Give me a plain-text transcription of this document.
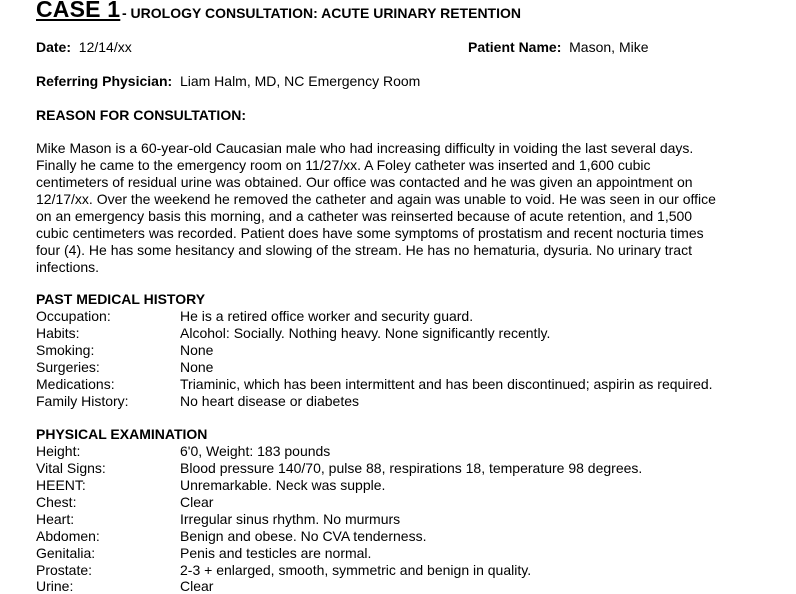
CASE 1 - UROLOGY CONSULTATION: ACUTE URINARY RETENTION
Date: 12/14/xx	Patient Name: Mason, Mike
Referring Physician: Liam Halm, MD, NC Emergency Room
REASON FOR CONSULTATION:
Mike Mason is a 60-year-old Caucasian male who had increasing difficulty in voiding the last several days.
Finally he came to the emergency room on 11/27/xx. A Foley catheter was inserted and 1,600 cubic
centimeters of residual urine was obtained. Our office was contacted and he was given an appointment on
12/17/xx. Over the weekend he removed the catheter and again was unable to void. He was seen in our office
on an emergency basis this morning, and a catheter was reinserted because of acute retention, and 1,500
cubic centimeters was recorded. Patient does have some symptoms of prostatism and recent nocturia times
four (4). He has some hesitancy and slowing of the stream. He has no hematuria, dysuria. No urinary tract
infections.
PAST MEDICAL HISTORY
Occupation:	He is a retired office worker and security guard.
Habits:	Alcohol: Socially. Nothing heavy. None significantly recently.
Smoking:	None
Surgeries:	None
Medications:	Triaminic, which has been intermittent and has been discontinued; aspirin as required.
Family History:	No heart disease or diabetes
PHYSICAL EXAMINATION
Height:	6'0, Weight: 183 pounds
Vital Signs:	Blood pressure 140/70, pulse 88, respirations 18, temperature 98 degrees.
HEENT:	Unremarkable. Neck was supple.
Chest:	Clear
Heart:	Irregular sinus rhythm. No murmurs
Abdomen:	Benign and obese. No CVA tenderness.
Genitalia:	Penis and testicles are normal.
Prostate:	2-3 + enlarged, smooth, symmetric and benign in quality.
Urine:	Clear
